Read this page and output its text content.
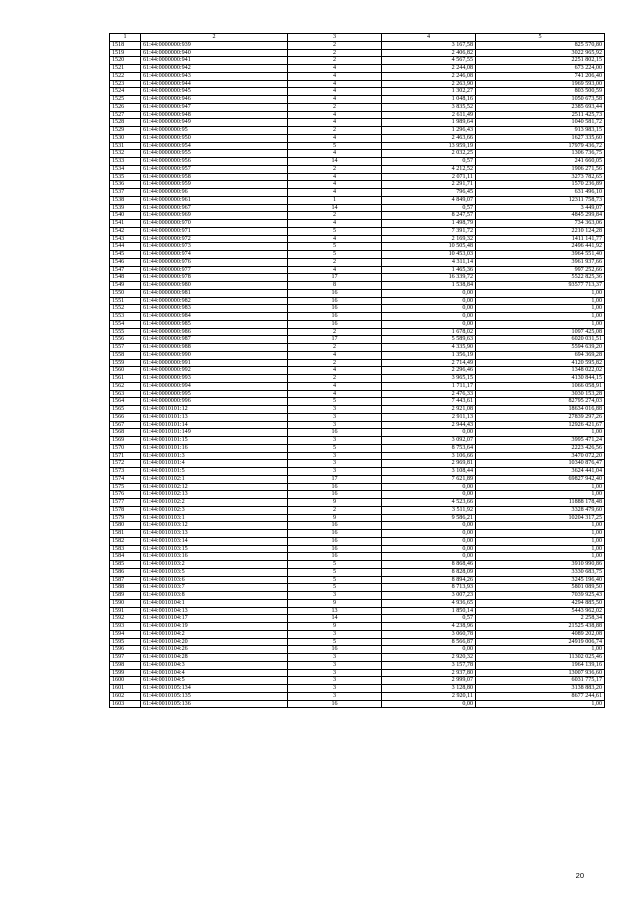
1	2	3	4	5
1518	61:44:0000000:939	2	3 167,58	825 570,80
1519	61:44:0000000:940	2	2 406,82	3022 965,92
1520	61:44:0000000:941	2	4 567,55	2251 802,15
1521	61:44:0000000:942	4	2 244,08	673 224,00
1522	61:44:0000000:943	4	2 246,08	741 206,40
1523	61:44:0000000:944	4	2 263,90	1969 593,00
1524	61:44:0000000:945	4	1 302,27	803 500,59
1525	61:44:0000000:946	4	1 048,16	1050 673,58
1526	61:44:0000000:947	2	3 835,52	2385 693,44
1527	61:44:0000000:948	4	2 611,49	2511 425,73
1528	61:44:0000000:949	4	1 989,64	1040 581,72
1529	61:44:0000000:95	2	1 296,43	913 983,15
1530	61:44:0000000:950	4	2 463,66	1627 335,60
1531	61:44:0000000:954	5	13 959,19	17979 436,72
1532	61:44:0000000:955	4	2 032,25	1306 736,75
1533	61:44:0000000:956	14	0,57	241 660,05
1534	61:44:0000000:957	2	4 212,52	1906 271,56
1535	61:44:0000000:958	4	2 071,11	3273 782,65
1536	61:44:0000000:959	4	2 291,71	1570 236,89
1537	61:44:0000000:96	4	796,45	631 496,10
1538	61:44:0000000:961	1	4 849,07	12311 758,73
1539	61:44:0000000:967	14	0,57	3 449,07
1540	61:44:0000000:969	2	8 247,57	4845 299,84
1541	61:44:0000000:970	4	1 498,79	734 363,06
1542	61:44:0000000:971	5	7 391,72	2210 124,28
1543	61:44:0000000:972	4	2 169,32	1411 141,77
1544	61:44:0000000:973	5	10 505,48	2496 441,92
1545	61:44:0000000:974	5	10 453,03	3964 551,40
1546	61:44:0000000:976	2	4 311,14	3961 937,66
1547	61:44:0000000:977	4	1 465,36	997 252,66
1548	61:44:0000000:978	17	16 339,72	5522 825,36
1549	61:44:0000000:980	8	1 538,84	93577 713,37
1550	61:44:0000000:981	16	0,00	1,00
1551	61:44:0000000:982	16	0,00	1,00
1552	61:44:0000000:983	16	0,00	1,00
1553	61:44:0000000:984	16	0,00	1,00
1554	61:44:0000000:985	16	0,00	1,00
1555	61:44:0000000:986	2	1 678,02	1097 425,08
1556	61:44:0000000:987	17	5 589,63	6020 031,51
1557	61:44:0000000:988	2	4 335,90	5594 639,20
1558	61:44:0000000:990	4	1 356,19	694 369,28
1559	61:44:0000000:991	2	2 714,49	4120 595,82
1560	61:44:0000000:992	4	2 296,46	1348 022,02
1561	61:44:0000000:993	2	3 965,15	4130 844,15
1562	61:44:0000000:994	4	1 711,17	1066 058,91
1563	61:44:0000000:995	4	2 476,33	3030 153,28
1564	61:44:0000000:996	5	7 443,61	82795 274,03
1565	61:44:0010101:12	3	2 921,08	18634 016,88
1566	61:44:0010101:13	3	2 911,13	27839 297,26
1567	61:44:0010101:14	3	2 944,43	12926 421,67
1568	61:44:0010101:149	16	0,00	1,00
1569	61:44:0010101:15	3	3 092,07	3995 471,24
1570	61:44:0010101:16	5	8 753,64	2223 426,56
1571	61:44:0010101:3	3	3 106,66	3470 072,20
1572	61:44:0010101:4	3	2 969,81	10340 876,47
1573	61:44:0010101:5	3	3 108,44	3624 441,04
1574	61:44:0010102:1	17	7 621,89	69827 942,40
1575	61:44:0010102:12	16	0,00	1,00
1576	61:44:0010102:13	16	0,00	1,00
1577	61:44:0010102:2	9	4 523,66	11888 178,48
1578	61:44:0010102:3	2	3 511,92	3328 479,60
1579	61:44:0010103:1	9	9 586,21	10204 317,25
1580	61:44:0010103:12	16	0,00	1,00
1581	61:44:0010103:13	16	0,00	1,00
1582	61:44:0010103:14	16	0,00	1,00
1583	61:44:0010103:15	16	0,00	1,00
1584	61:44:0010103:16	16	0,00	1,00
1585	61:44:0010103:2	5	8 868,46	3910 990,86
1586	61:44:0010103:5	5	8 828,09	3330 683,75
1587	61:44:0010103:6	5	8 894,26	3245 196,40
1588	61:44:0010103:7	5	8 713,93	5801 089,50
1589	61:44:0010103:8	3	3 007,23	7039 925,43
1590	61:44:0010104:1	9	4 936,65	4294 885,50
1591	61:44:0010104:13	13	1 850,14	5443 962,02
1592	61:44:0010104:17	14	0,57	2 258,34
1593	61:44:0010104:19	9	4 238,96	21525 438,88
1594	61:44:0010104:2	3	3 060,78	4089 202,08
1595	61:44:0010104:20	5	8 566,87	24919 006,74
1596	61:44:0010104:26	16	0,00	1,00
1597	61:44:0010104:28	3	2 920,32	11302 025,46
1598	61:44:0010104:3	3	3 157,78	1964 139,16
1599	61:44:0010104:4	3	2 937,80	13007 936,60
1600	61:44:0010104:5	3	2 999,07	6031 775,17
1601	61:44:0010105:134	3	3 128,80	3138 883,20
1602	61:44:0010105:135	3	2 920,11	8677 244,61
1603	61:44:0010105:136	16	0,00	1,00
20
